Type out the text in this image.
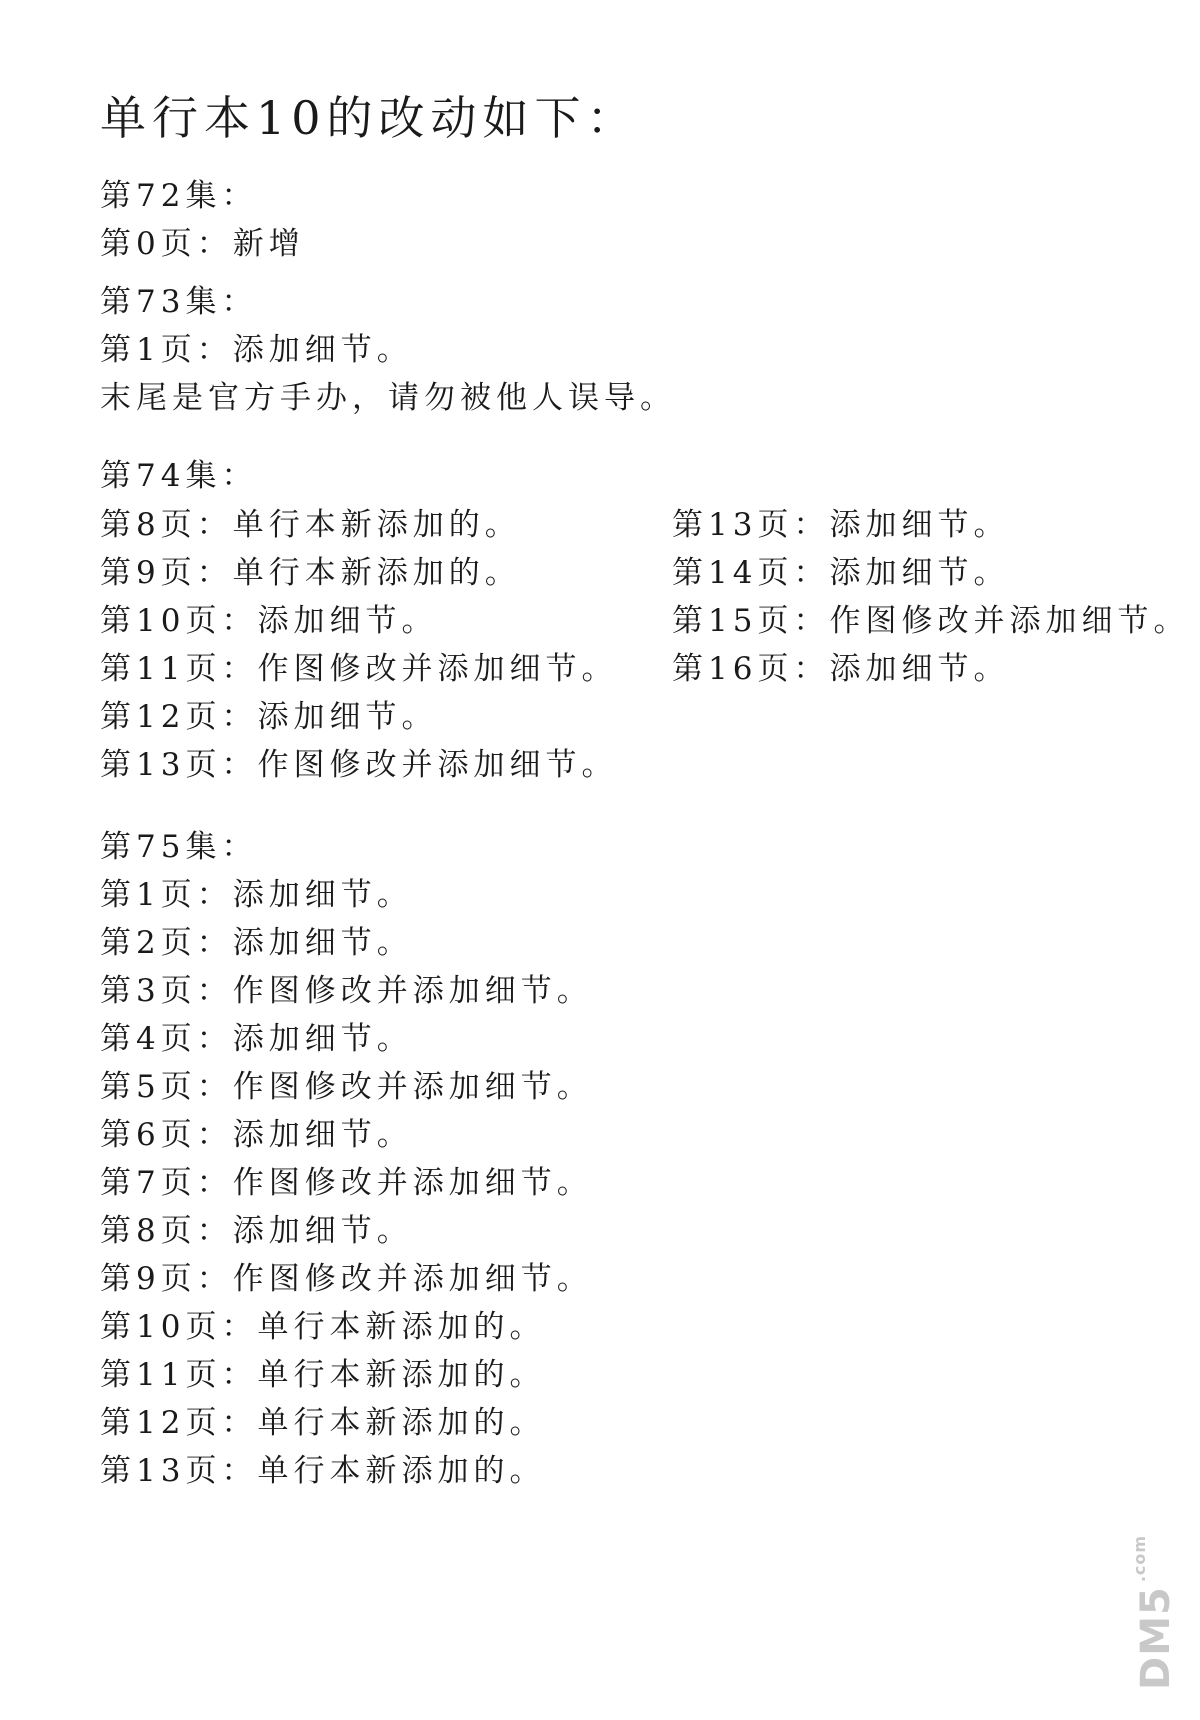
单行本10的改动如下：
第72集：
第0页：新增
第73集：
第1页：添加细节。
末尾是官方手办，请勿被他人误导。
第74集：
第8页：单行本新添加的。
第9页：单行本新添加的。
第10页：添加细节。
第11页：作图修改并添加细节。
第12页：添加细节。
第13页：作图修改并添加细节。
第13页：添加细节。
第14页：添加细节。
第15页：作图修改并添加细节。
第16页：添加细节。
第75集：
第1页：添加细节。
第2页：添加细节。
第3页：作图修改并添加细节。
第4页：添加细节。
第5页：作图修改并添加细节。
第6页：添加细节。
第7页：作图修改并添加细节。
第8页：添加细节。
第9页：作图修改并添加细节。
第10页：单行本新添加的。
第11页：单行本新添加的。
第12页：单行本新添加的。
第13页：单行本新添加的。
DM5
.com
